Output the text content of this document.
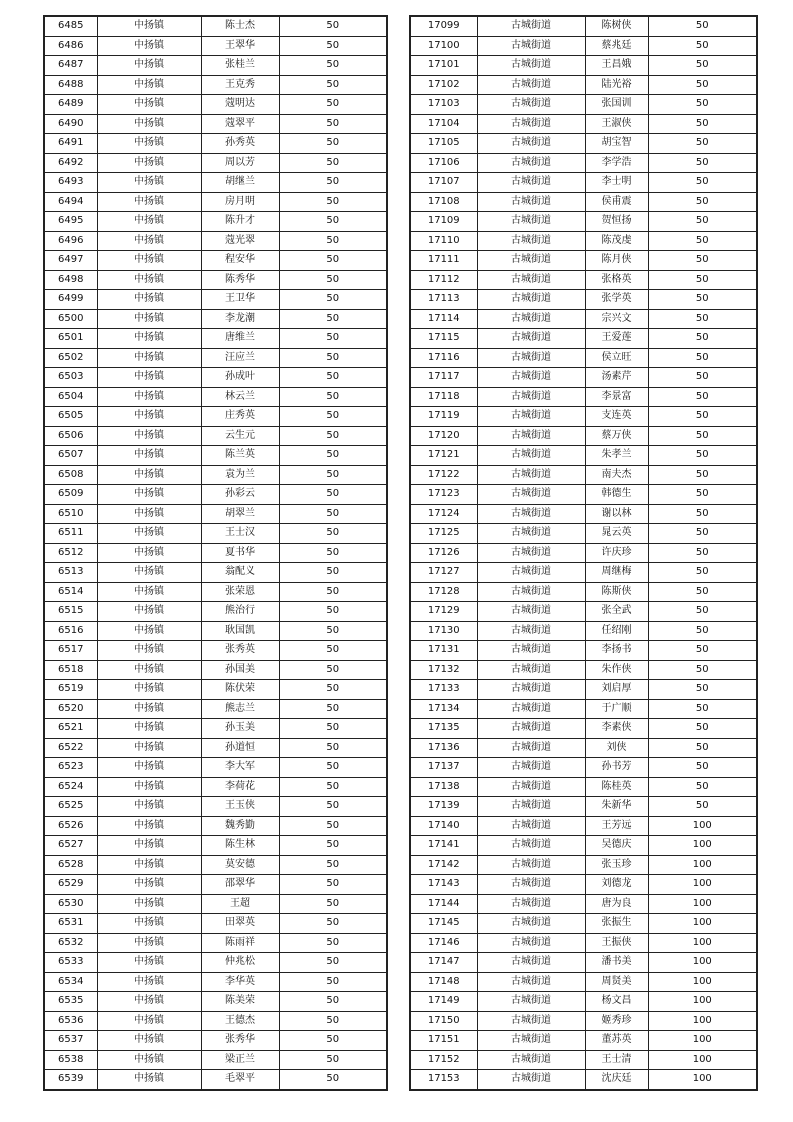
6485	中扬镇	陈士杰	50
6486	中扬镇	王翠华	50
6487	中扬镇	张桂兰	50
6488	中扬镇	王克秀	50
6489	中扬镇	蔻明达	50
6490	中扬镇	蔻翠平	50
6491	中扬镇	孙秀英	50
6492	中扬镇	周以芳	50
6493	中扬镇	胡继兰	50
6494	中扬镇	房月明	50
6495	中扬镇	陈升才	50
6496	中扬镇	蔻光翠	50
6497	中扬镇	程安华	50
6498	中扬镇	陈秀华	50
6499	中扬镇	王卫华	50
6500	中扬镇	李龙潮	50
6501	中扬镇	唐维兰	50
6502	中扬镇	汪应兰	50
6503	中扬镇	孙成叶	50
6504	中扬镇	林云兰	50
6505	中扬镇	庄秀英	50
6506	中扬镇	云生元	50
6507	中扬镇	陈兰英	50
6508	中扬镇	袁为兰	50
6509	中扬镇	孙彩云	50
6510	中扬镇	胡翠兰	50
6511	中扬镇	王士汉	50
6512	中扬镇	夏书华	50
6513	中扬镇	翁配义	50
6514	中扬镇	张荣恩	50
6515	中扬镇	熊治行	50
6516	中扬镇	耿国凯	50
6517	中扬镇	张秀英	50
6518	中扬镇	孙国美	50
6519	中扬镇	陈伏荣	50
6520	中扬镇	熊志兰	50
6521	中扬镇	孙玉美	50
6522	中扬镇	孙道恒	50
6523	中扬镇	李大军	50
6524	中扬镇	李荷花	50
6525	中扬镇	王玉侠	50
6526	中扬镇	魏秀勤	50
6527	中扬镇	陈生林	50
6528	中扬镇	莫安德	50
6529	中扬镇	邵翠华	50
6530	中扬镇	王超	50
6531	中扬镇	田翠英	50
6532	中扬镇	陈雨祥	50
6533	中扬镇	仲兆松	50
6534	中扬镇	李华英	50
6535	中扬镇	陈美荣	50
6536	中扬镇	王德杰	50
6537	中扬镇	张秀华	50
6538	中扬镇	梁正兰	50
6539	中扬镇	毛翠平	50
17099	古城街道	陈树侠	50
17100	古城街道	蔡兆廷	50
17101	古城街道	王昌娥	50
17102	古城街道	陆光裕	50
17103	古城街道	张国训	50
17104	古城街道	王淑侠	50
17105	古城街道	胡宝智	50
17106	古城街道	李学浩	50
17107	古城街道	李士明	50
17108	古城街道	侯甫震	50
17109	古城街道	贺恒扬	50
17110	古城街道	陈茂虔	50
17111	古城街道	陈月侠	50
17112	古城街道	张格英	50
17113	古城街道	张学英	50
17114	古城街道	宗兴文	50
17115	古城街道	王爱莲	50
17116	古城街道	侯立旺	50
17117	古城街道	汤素芹	50
17118	古城街道	李景富	50
17119	古城街道	支连英	50
17120	古城街道	蔡万侠	50
17121	古城街道	朱孝兰	50
17122	古城街道	南夫杰	50
17123	古城街道	韩德生	50
17124	古城街道	谢以林	50
17125	古城街道	晁云英	50
17126	古城街道	许庆珍	50
17127	古城街道	周继梅	50
17128	古城街道	陈斯侠	50
17129	古城街道	张全武	50
17130	古城街道	任绍刚	50
17131	古城街道	李扬书	50
17132	古城街道	朱作侠	50
17133	古城街道	刘启厚	50
17134	古城街道	于广顺	50
17135	古城街道	李素侠	50
17136	古城街道	刘侠	50
17137	古城街道	孙书芳	50
17138	古城街道	陈桂英	50
17139	古城街道	朱新华	50
17140	古城街道	王芳远	100
17141	古城街道	吴德庆	100
17142	古城街道	张玉珍	100
17143	古城街道	刘德龙	100
17144	古城街道	唐为良	100
17145	古城街道	张振生	100
17146	古城街道	王振侠	100
17147	古城街道	潘书美	100
17148	古城街道	周贤美	100
17149	古城街道	杨文昌	100
17150	古城街道	姬秀珍	100
17151	古城街道	董苏英	100
17152	古城街道	王士清	100
17153	古城街道	沈庆廷	100
